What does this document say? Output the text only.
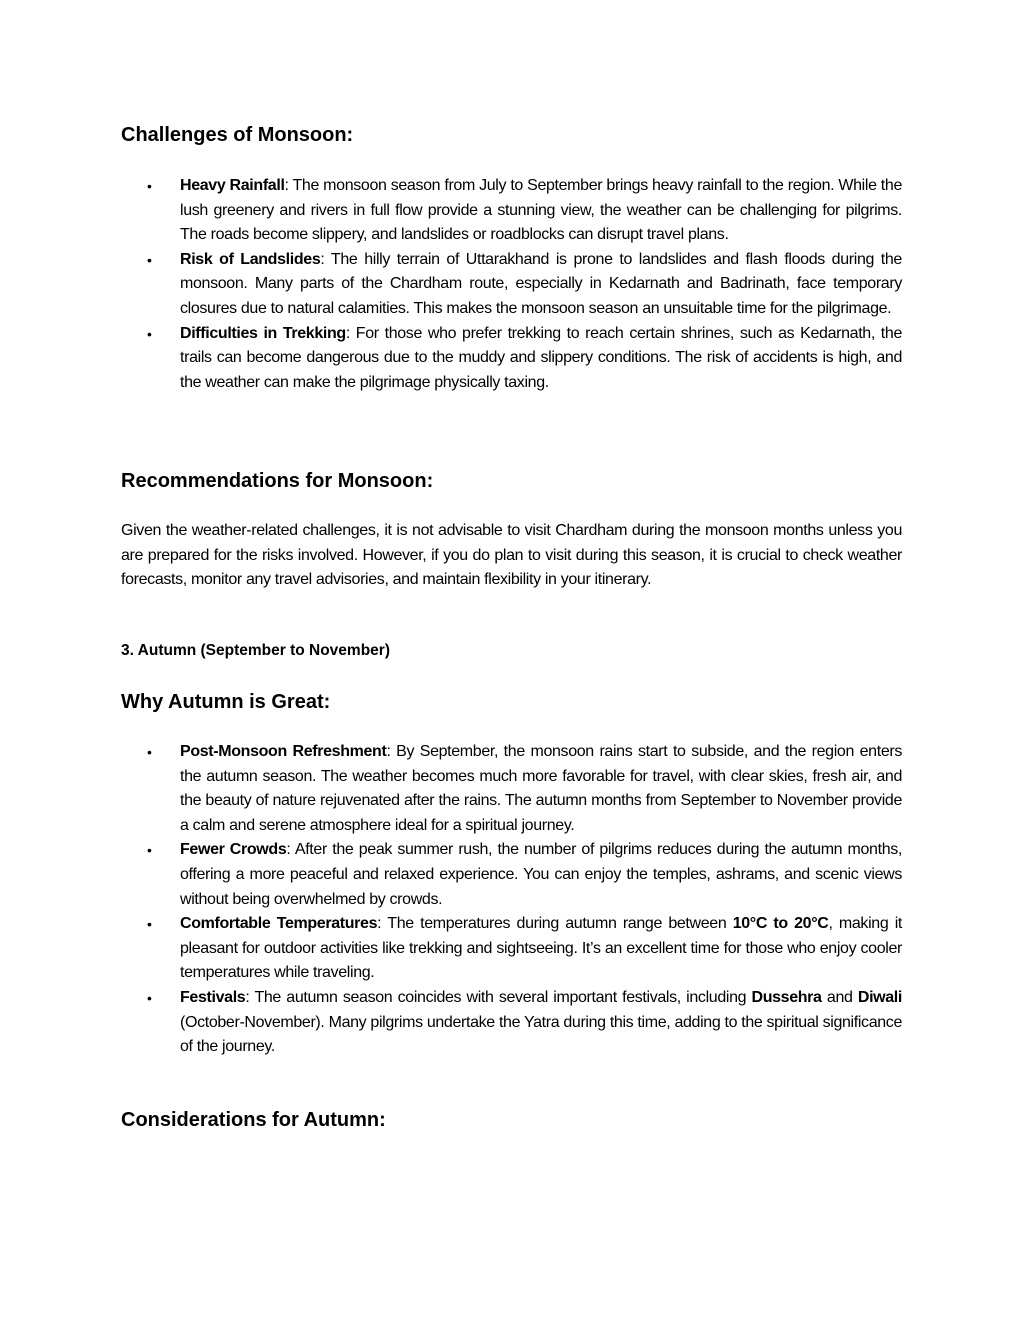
Challenges of Monsoon:
• Heavy Rainfall: The monsoon season from July to September brings heavy rainfall to the region. While the lush greenery and rivers in full flow provide a stunning view, the weather can be challenging for pilgrims. The roads become slippery, and landslides or roadblocks can disrupt travel plans.
• Risk of Landslides: The hilly terrain of Uttarakhand is prone to landslides and flash floods during the monsoon. Many parts of the Chardham route, especially in Kedarnath and Badrinath, face temporary closures due to natural calamities. This makes the monsoon season an unsuitable time for the pilgrimage.
• Difficulties in Trekking: For those who prefer trekking to reach certain shrines, such as Kedarnath, the trails can become dangerous due to the muddy and slippery conditions. The risk of accidents is high, and the weather can make the pilgrimage physically taxing.
Recommendations for Monsoon:

Given the weather-related challenges, it is not advisable to visit Chardham during the monsoon months unless you are prepared for the risks involved. However, if you do plan to visit during this season, it is crucial to check weather forecasts, monitor any travel advisories, and maintain flexibility in your itinerary.

3. Autumn (September to November)
Why Autumn is Great:
• Post-Monsoon Refreshment: By September, the monsoon rains start to subside, and the region enters the autumn season. The weather becomes much more favorable for travel, with clear skies, fresh air, and the beauty of nature rejuvenated after the rains. The autumn months from September to November provide a calm and serene atmosphere ideal for a spiritual journey.
• Fewer Crowds: After the peak summer rush, the number of pilgrims reduces during the autumn months, offering a more peaceful and relaxed experience. You can enjoy the temples, ashrams, and scenic views without being overwhelmed by crowds.
• Comfortable Temperatures: The temperatures during autumn range between 10°C to 20°C, making it pleasant for outdoor activities like trekking and sightseeing. It’s an excellent time for those who enjoy cooler temperatures while traveling.
• Festivals: The autumn season coincides with several important festivals, including Dussehra and Diwali (October-November). Many pilgrims undertake the Yatra during this time, adding to the spiritual significance of the journey.
Considerations for Autumn:
